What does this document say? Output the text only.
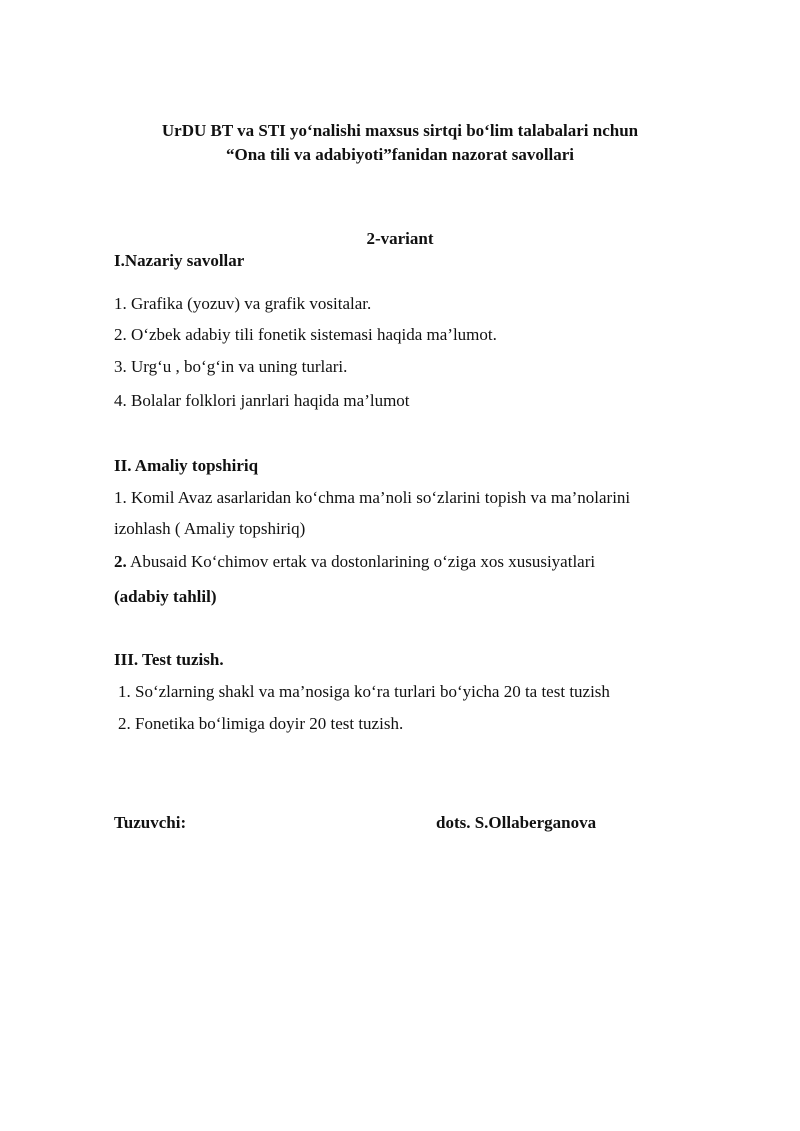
UrDU BT va STI yo‘nalishi maxsus sirtqi bo‘lim talabalari nchun
“Ona tili va adabiyoti”fanidan nazorat savollari
2-variant
I.Nazariy savollar
1. Grafika (yozuv) va grafik vositalar.
2. O‘zbek adabiy tili fonetik sistemasi haqida ma’lumot.
3. Urg‘u , bo‘g‘in va uning turlari.
4. Bolalar folklori janrlari haqida ma’lumot
II. Amaliy topshiriq
1. Komil Avaz asarlaridan ko‘chma ma’noli so‘zlarini topish va ma’nolarini
izohlash ( Amaliy topshiriq)
2. Abusaid Ko‘chimov ertak va dostonlarining o‘ziga xos xususiyatlari
(adabiy tahlil)
III. Test tuzish.
1. So‘zlarning shakl va ma’nosiga ko‘ra turlari bo‘yicha 20 ta test tuzish
2. Fonetika bo‘limiga doyir 20 test tuzish.
Tuzuvchi:	dots. S.Ollaberganova
